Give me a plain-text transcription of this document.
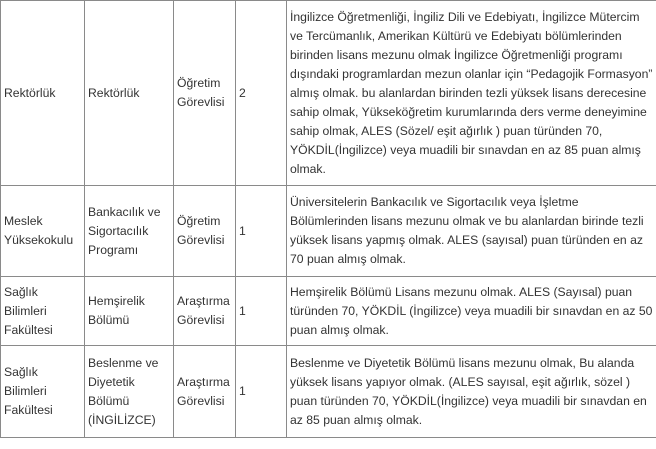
Rektörlük	Rektörlük	Öğretim Görevlisi	2	İngilizce Öğretmenliği, İngiliz Dili ve Edebiyatı, İngilizce Mütercim ve Tercümanlık, Amerikan Kültürü ve Edebiyatı bölümlerinden birinden lisans mezunu olmak İngilizce Öğretmenliği programı dışındaki programlardan mezun olanlar için “Pedagojik Formasyon” almış olmak. bu alanlardan birinden tezli yüksek lisans derecesine sahip olmak, Yükseköğretim kurumlarında ders verme deneyimine sahip olmak, ALES (Sözel/ eşit ağırlık ) puan türünden 70, YÖKDİL(İngilizce) veya muadili bir sınavdan en az 85 puan almış olmak.
Meslek Yüksekokulu	Bankacılık ve Sigortacılık Programı	Öğretim Görevlisi	1	Üniversitelerin Bankacılık ve Sigortacılık veya İşletme Bölümlerinden lisans mezunu olmak ve bu alanlardan birinde tezli yüksek lisans yapmış olmak. ALES (sayısal) puan türünden en az 70 puan almış olmak.
Sağlık Bilimleri Fakültesi	Hemşirelik Bölümü	Araştırma Görevlisi	1	Hemşirelik Bölümü Lisans mezunu olmak. ALES (Sayısal) puan türünden 70, YÖKDİL (İngilizce) veya muadili bir sınavdan en az 50 puan almış olmak.
Sağlık Bilimleri Fakültesi	Beslenme ve Diyetetik Bölümü (İNGİLİZCE)	Araştırma Görevlisi	1	Beslenme ve Diyetetik Bölümü lisans mezunu olmak, Bu alanda yüksek lisans yapıyor olmak. (ALES sayısal, eşit ağırlık, sözel ) puan türünden 70, YÖKDİL(İngilizce) veya muadili bir sınavdan en az 85 puan almış olmak.
